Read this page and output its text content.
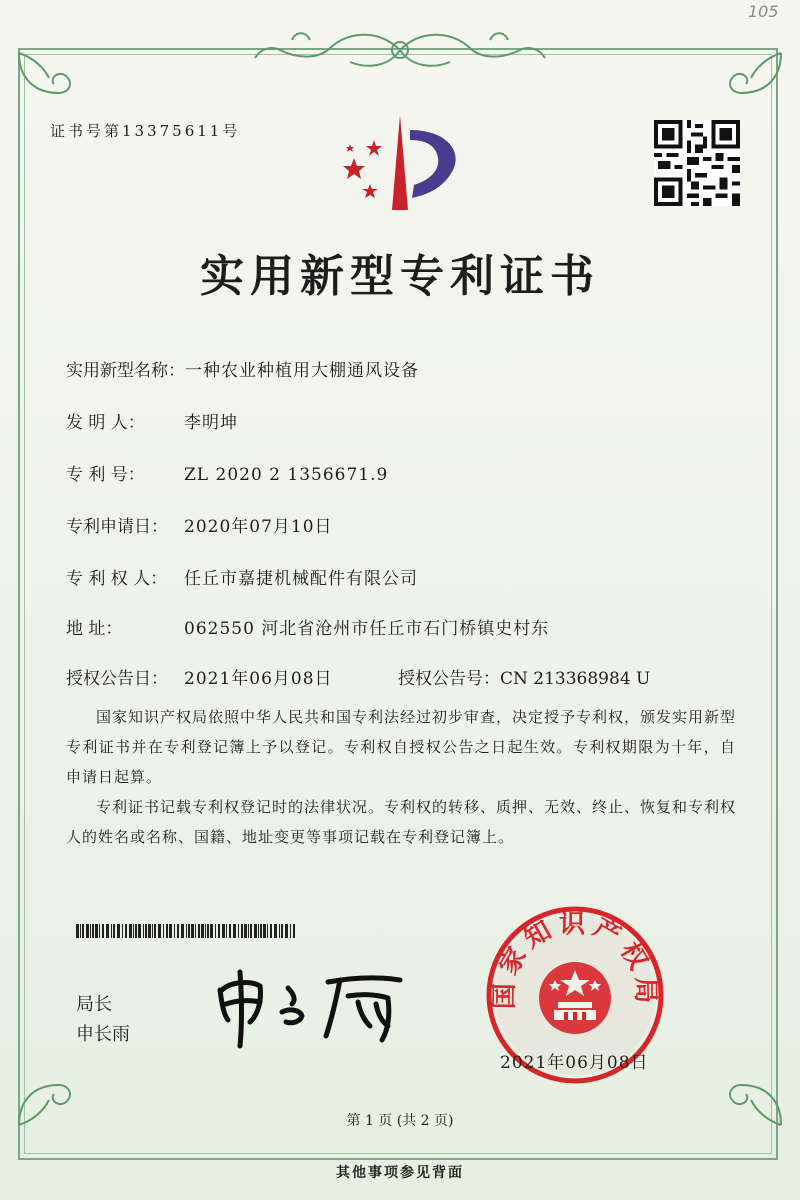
105
证书号第13375611号
实用新型专利证书
实用新型名称：一种农业种植用大棚通风设备
发 明 人： 李明坤
专 利 号： ZL 2020 2 1356671.9
专利申请日： 2020年07月10日
专 利 权 人： 任丘市嘉捷机械配件有限公司
地 址：	062550 河北省沧州市任丘市石门桥镇史村东
授权公告日： 2021年06月08日	授权公告号：CN 213368984 U
国家知识产权局依照中华人民共和国专利法经过初步审查，决定授予专利权，颁发实用新型专利证书并在专利登记簿上予以登记。专利权自授权公告之日起生效。专利权期限为十年，自申请日起算。
专利证书记载专利权登记时的法律状况。专利权的转移、质押、无效、终止、恢复和专利权人的姓名或名称、国籍、地址变更等事项记载在专利登记簿上。
局长
申长雨
国家知识产权局
2021年06月08日
第 1 页 (共 2 页)
其他事项参见背面
